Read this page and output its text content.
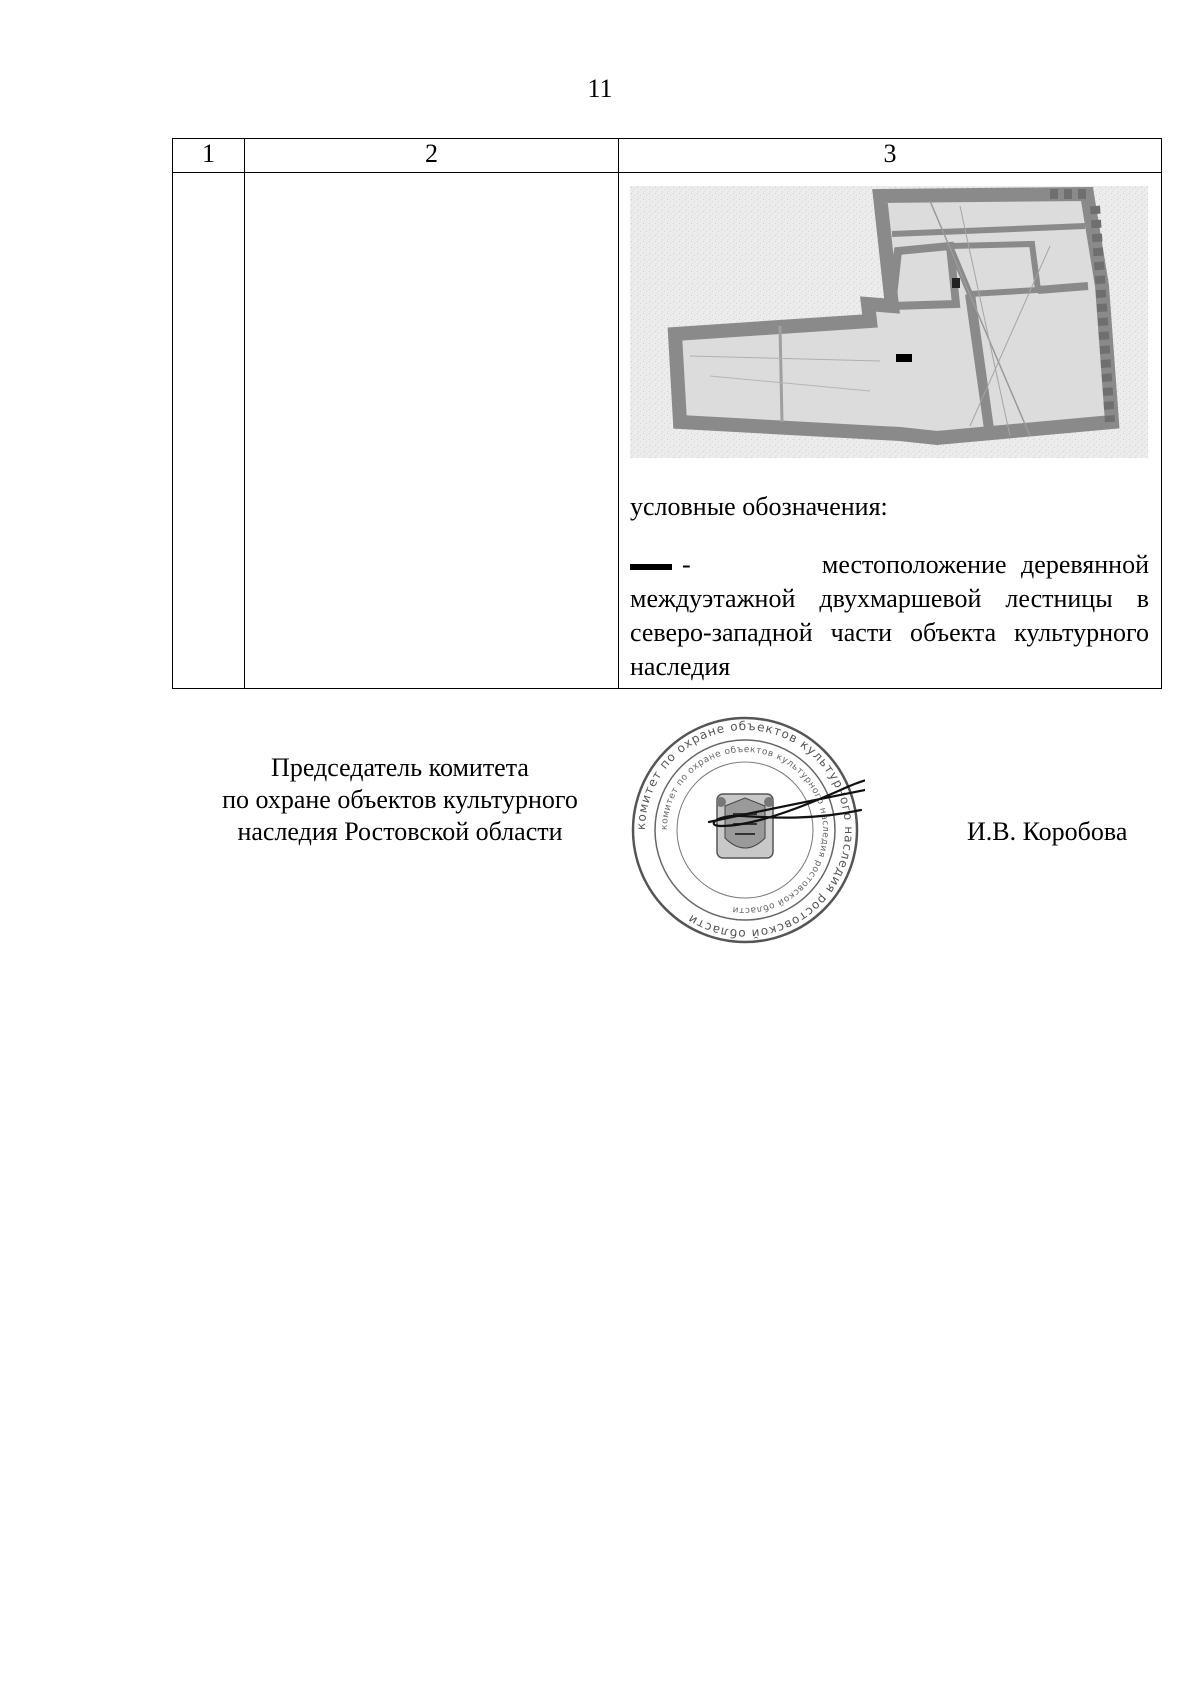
11
1	2	3

		условные обозначения:
- местоположение деревянной междуэтажной двухмаршевой лестницы в северо-западной части объекта культурного наследия
Председатель комитета
по охране объектов культурного
наследия Ростовской области	комитет по охране объектов культурного наследия ростовской области
комитет по охране объектов культурного наследия ростовской области
И.В. Коробова
